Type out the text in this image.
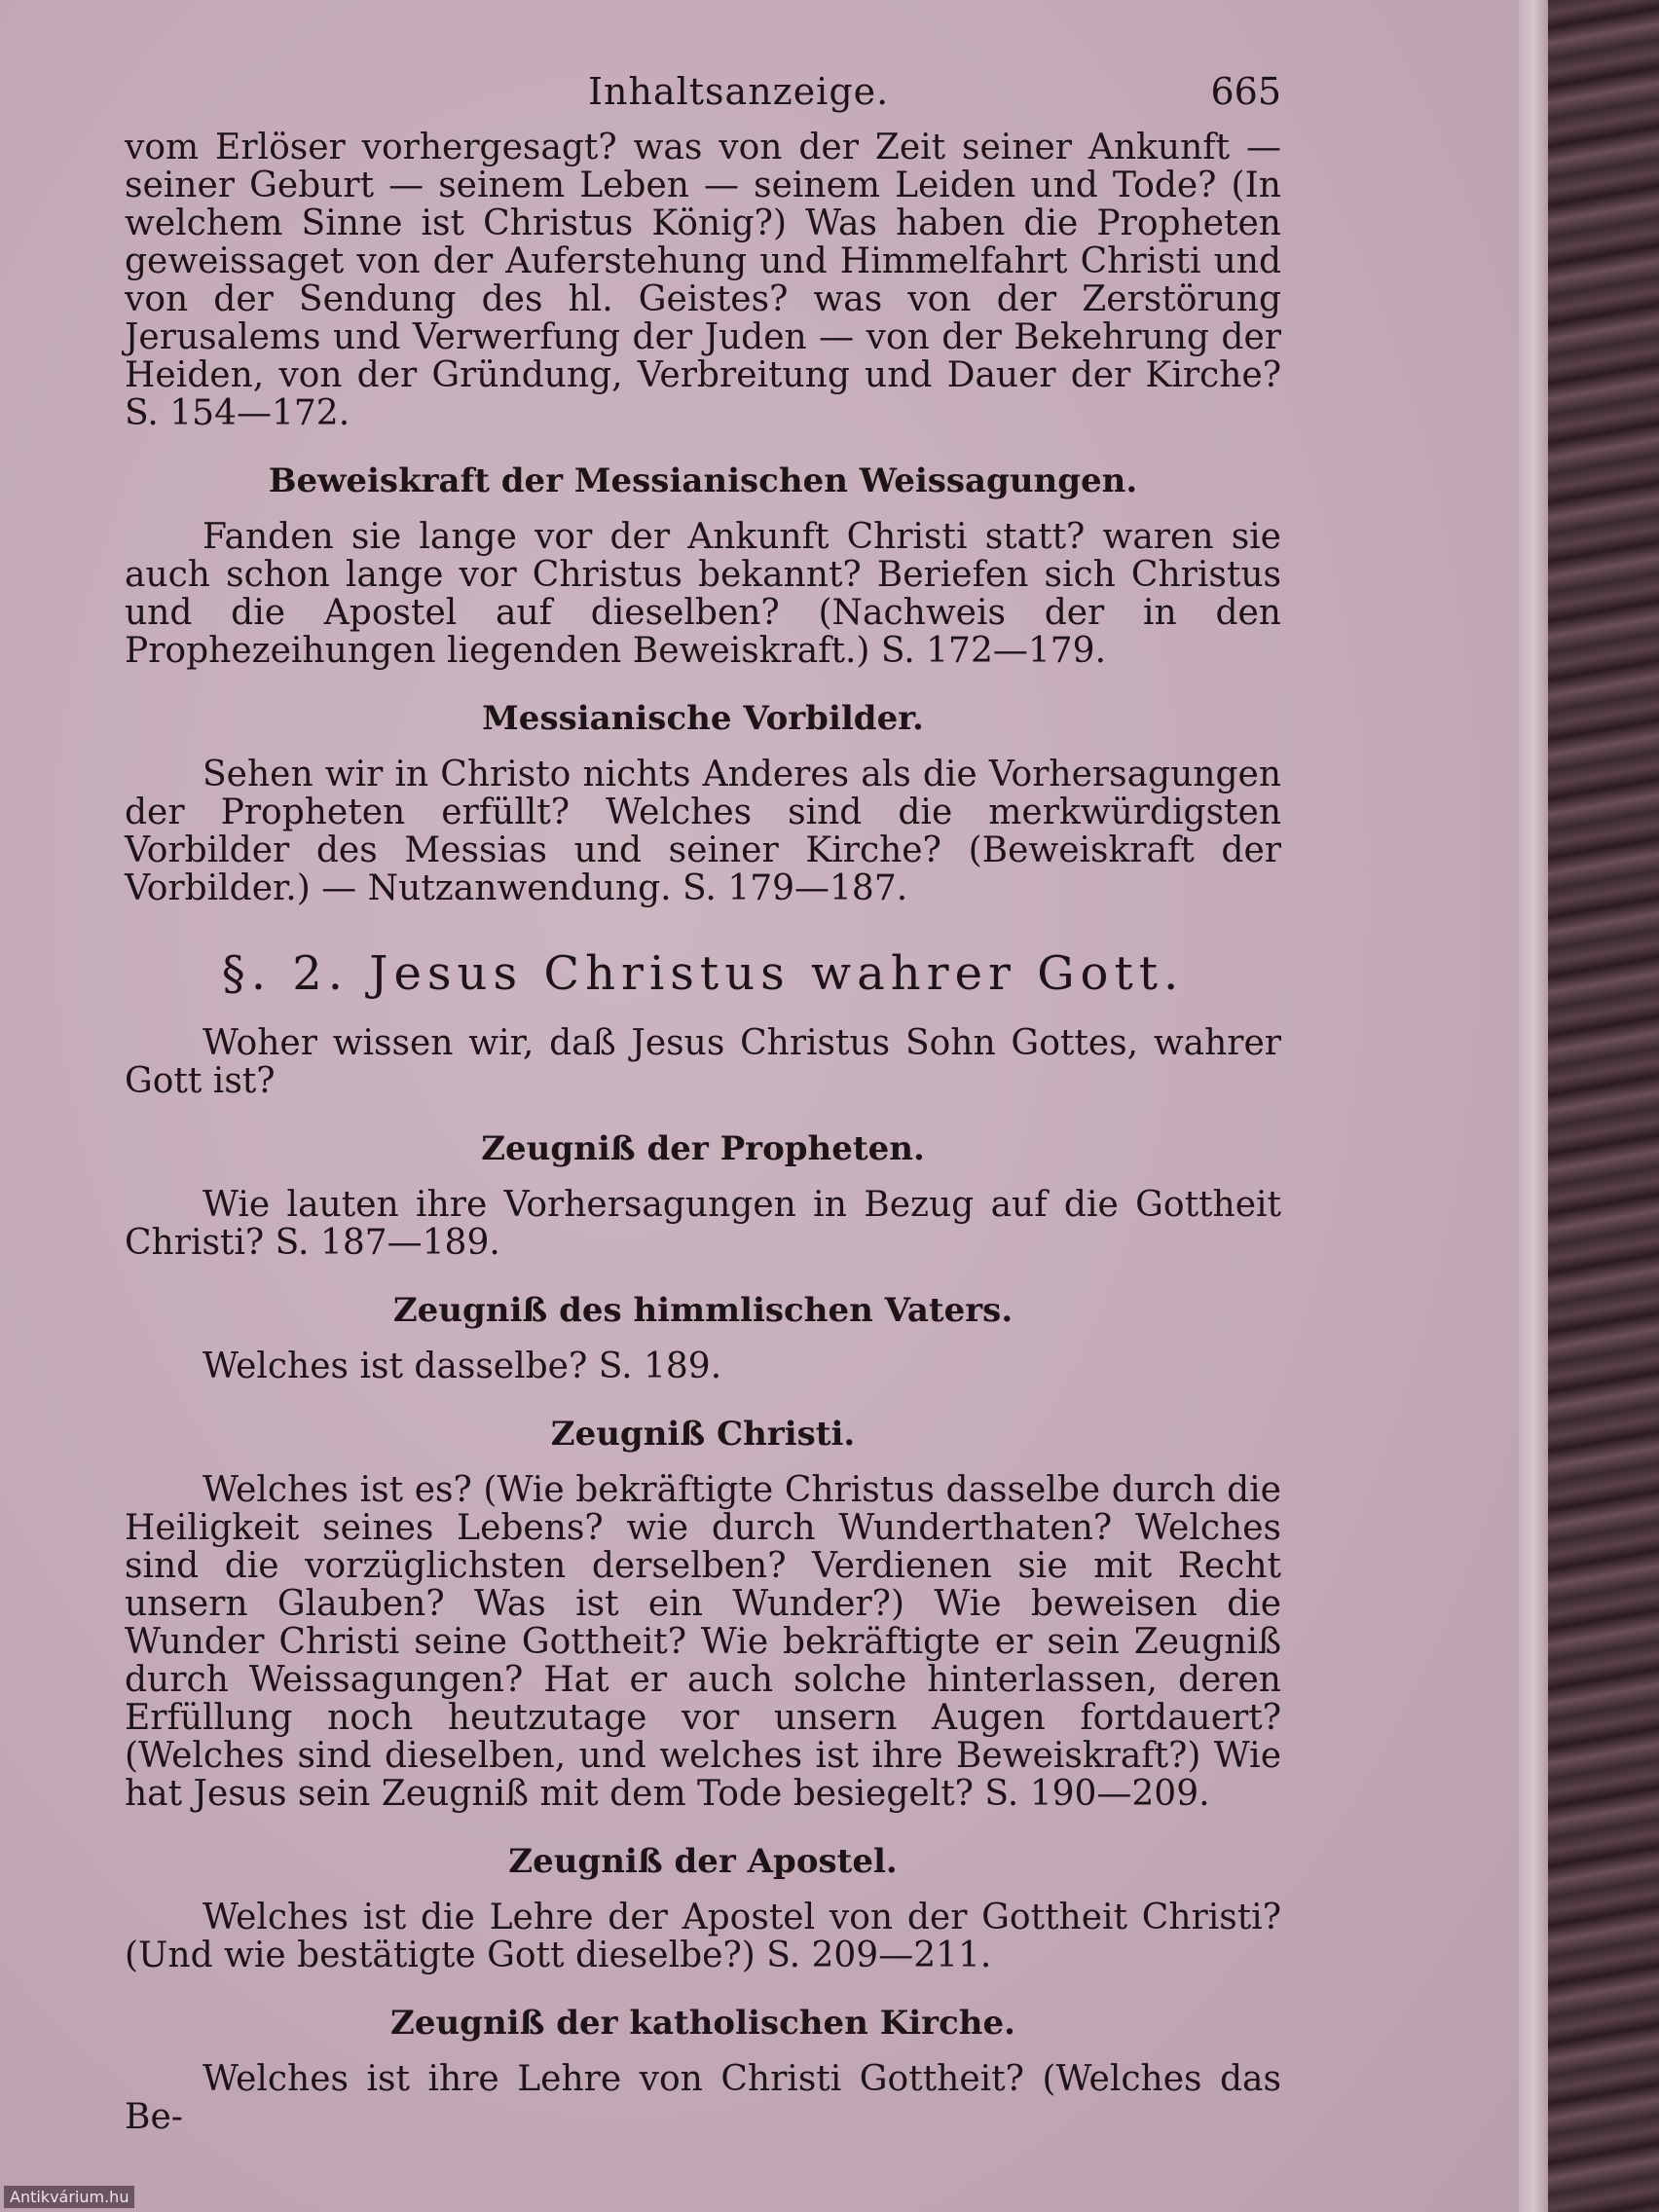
Inhaltsanzeige.	665

vom Erlöser vorhergesagt? was von der Zeit seiner Ankunft — seiner Geburt — seinem Leben — seinem Leiden und Tode? (In welchem Sinne ist Christus König?) Was haben die Propheten geweissaget von der Auferstehung und Himmelfahrt Christi und von der Sendung des hl. Geistes? was von der Zerstörung Jerusalems und Verwerfung der Juden — von der Bekehrung der Heiden, von der Gründung, Verbreitung und Dauer der Kirche? S. 154—172.

Beweiskraft der Messianischen Weissagungen.

Fanden sie lange vor der Ankunft Christi statt? waren sie auch schon lange vor Christus bekannt? Beriefen sich Christus und die Apostel auf dieselben? (Nachweis der in den Prophezeihungen liegenden Beweiskraft.) S. 172—179.

Messianische Vorbilder.

Sehen wir in Christo nichts Anderes als die Vorhersagungen der Propheten erfüllt? Welches sind die merkwürdigsten Vorbilder des Messias und seiner Kirche? (Beweiskraft der Vorbilder.) — Nutzanwendung. S. 179—187.

§. 2. Jesus Christus wahrer Gott.

Woher wissen wir, daß Jesus Christus Sohn Gottes, wahrer Gott ist?

Zeugniß der Propheten.

Wie lauten ihre Vorhersagungen in Bezug auf die Gottheit Christi? S. 187—189.

Zeugniß des himmlischen Vaters.

Welches ist dasselbe? S. 189.

Zeugniß Christi.

Welches ist es? (Wie bekräftigte Christus dasselbe durch die Heiligkeit seines Lebens? wie durch Wunderthaten? Welches sind die vorzüglichsten derselben? Verdienen sie mit Recht unsern Glauben? Was ist ein Wunder?) Wie beweisen die Wunder Christi seine Gottheit? Wie bekräftigte er sein Zeugniß durch Weissagungen? Hat er auch solche hinterlassen, deren Erfüllung noch heutzutage vor unsern Augen fortdauert? (Welches sind dieselben, und welches ist ihre Beweiskraft?) Wie hat Jesus sein Zeugniß mit dem Tode besiegelt? S. 190—209.

Zeugniß der Apostel.

Welches ist die Lehre der Apostel von der Gottheit Christi? (Und wie bestätigte Gott dieselbe?) S. 209—211.

Zeugniß der katholischen Kirche.

Welches ist ihre Lehre von Christi Gottheit? (Welches das Be-

Antikvárium.hu
